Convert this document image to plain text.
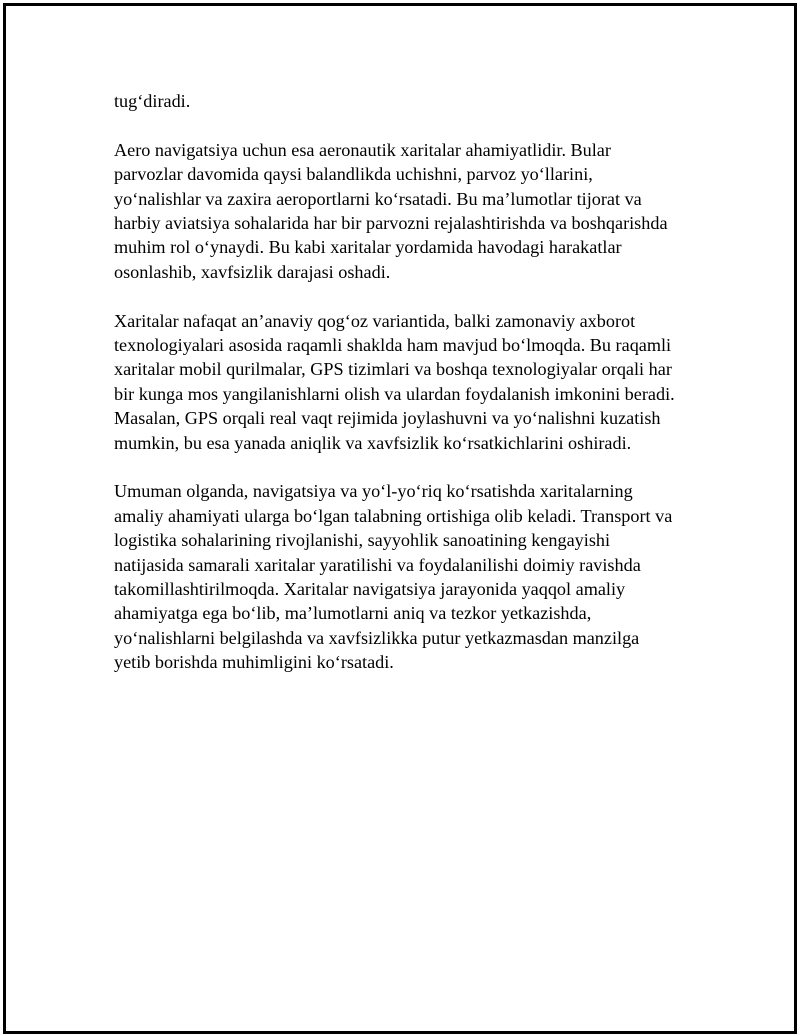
tug‘diradi.

Aero navigatsiya uchun esa aeronautik xaritalar ahamiyatlidir. Bular
parvozlar davomida qaysi balandlikda uchishni, parvoz yo‘llarini,
yo‘nalishlar va zaxira aeroportlarni ko‘rsatadi. Bu ma’lumotlar tijorat va
harbiy aviatsiya sohalarida har bir parvozni rejalashtirishda va boshqarishda
muhim rol o‘ynaydi. Bu kabi xaritalar yordamida havodagi harakatlar
osonlashib, xavfsizlik darajasi oshadi.

Xaritalar nafaqat an’anaviy qog‘oz variantida, balki zamonaviy axborot
texnologiyalari asosida raqamli shaklda ham mavjud bo‘lmoqda. Bu raqamli
xaritalar mobil qurilmalar, GPS tizimlari va boshqa texnologiyalar orqali har
bir kunga mos yangilanishlarni olish va ulardan foydalanish imkonini beradi.
Masalan, GPS orqali real vaqt rejimida joylashuvni va yo‘nalishni kuzatish
mumkin, bu esa yanada aniqlik va xavfsizlik ko‘rsatkichlarini oshiradi.

Umuman olganda, navigatsiya va yo‘l-yo‘riq ko‘rsatishda xaritalarning
amaliy ahamiyati ularga bo‘lgan talabning ortishiga olib keladi. Transport va
logistika sohalarining rivojlanishi, sayyohlik sanoatining kengayishi
natijasida samarali xaritalar yaratilishi va foydalanilishi doimiy ravishda
takomillashtirilmoqda. Xaritalar navigatsiya jarayonida yaqqol amaliy
ahamiyatga ega bo‘lib, ma’lumotlarni aniq va tezkor yetkazishda,
yo‘nalishlarni belgilashda va xavfsizlikka putur yetkazmasdan manzilga
yetib borishda muhimligini ko‘rsatadi.
